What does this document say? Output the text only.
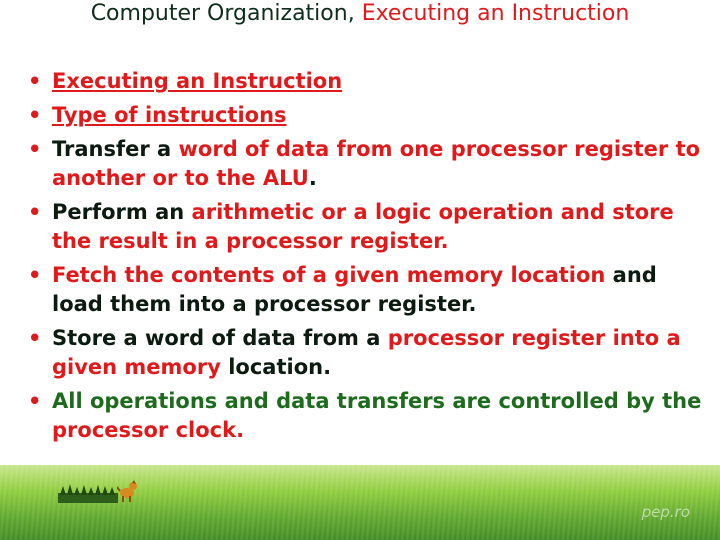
Computer Organization, Executing an Instruction
• Executing an Instruction
• Type of instructions
• Transfer a word of data from one processor register to another or to the ALU.
• Perform an arithmetic or a logic operation and store the result in a processor register.
• Fetch the contents of a given memory location and load them into a processor register.
• Store a word of data from a processor register into a given memory location.
• All operations and data transfers are controlled by the processor clock.
pep.ro
